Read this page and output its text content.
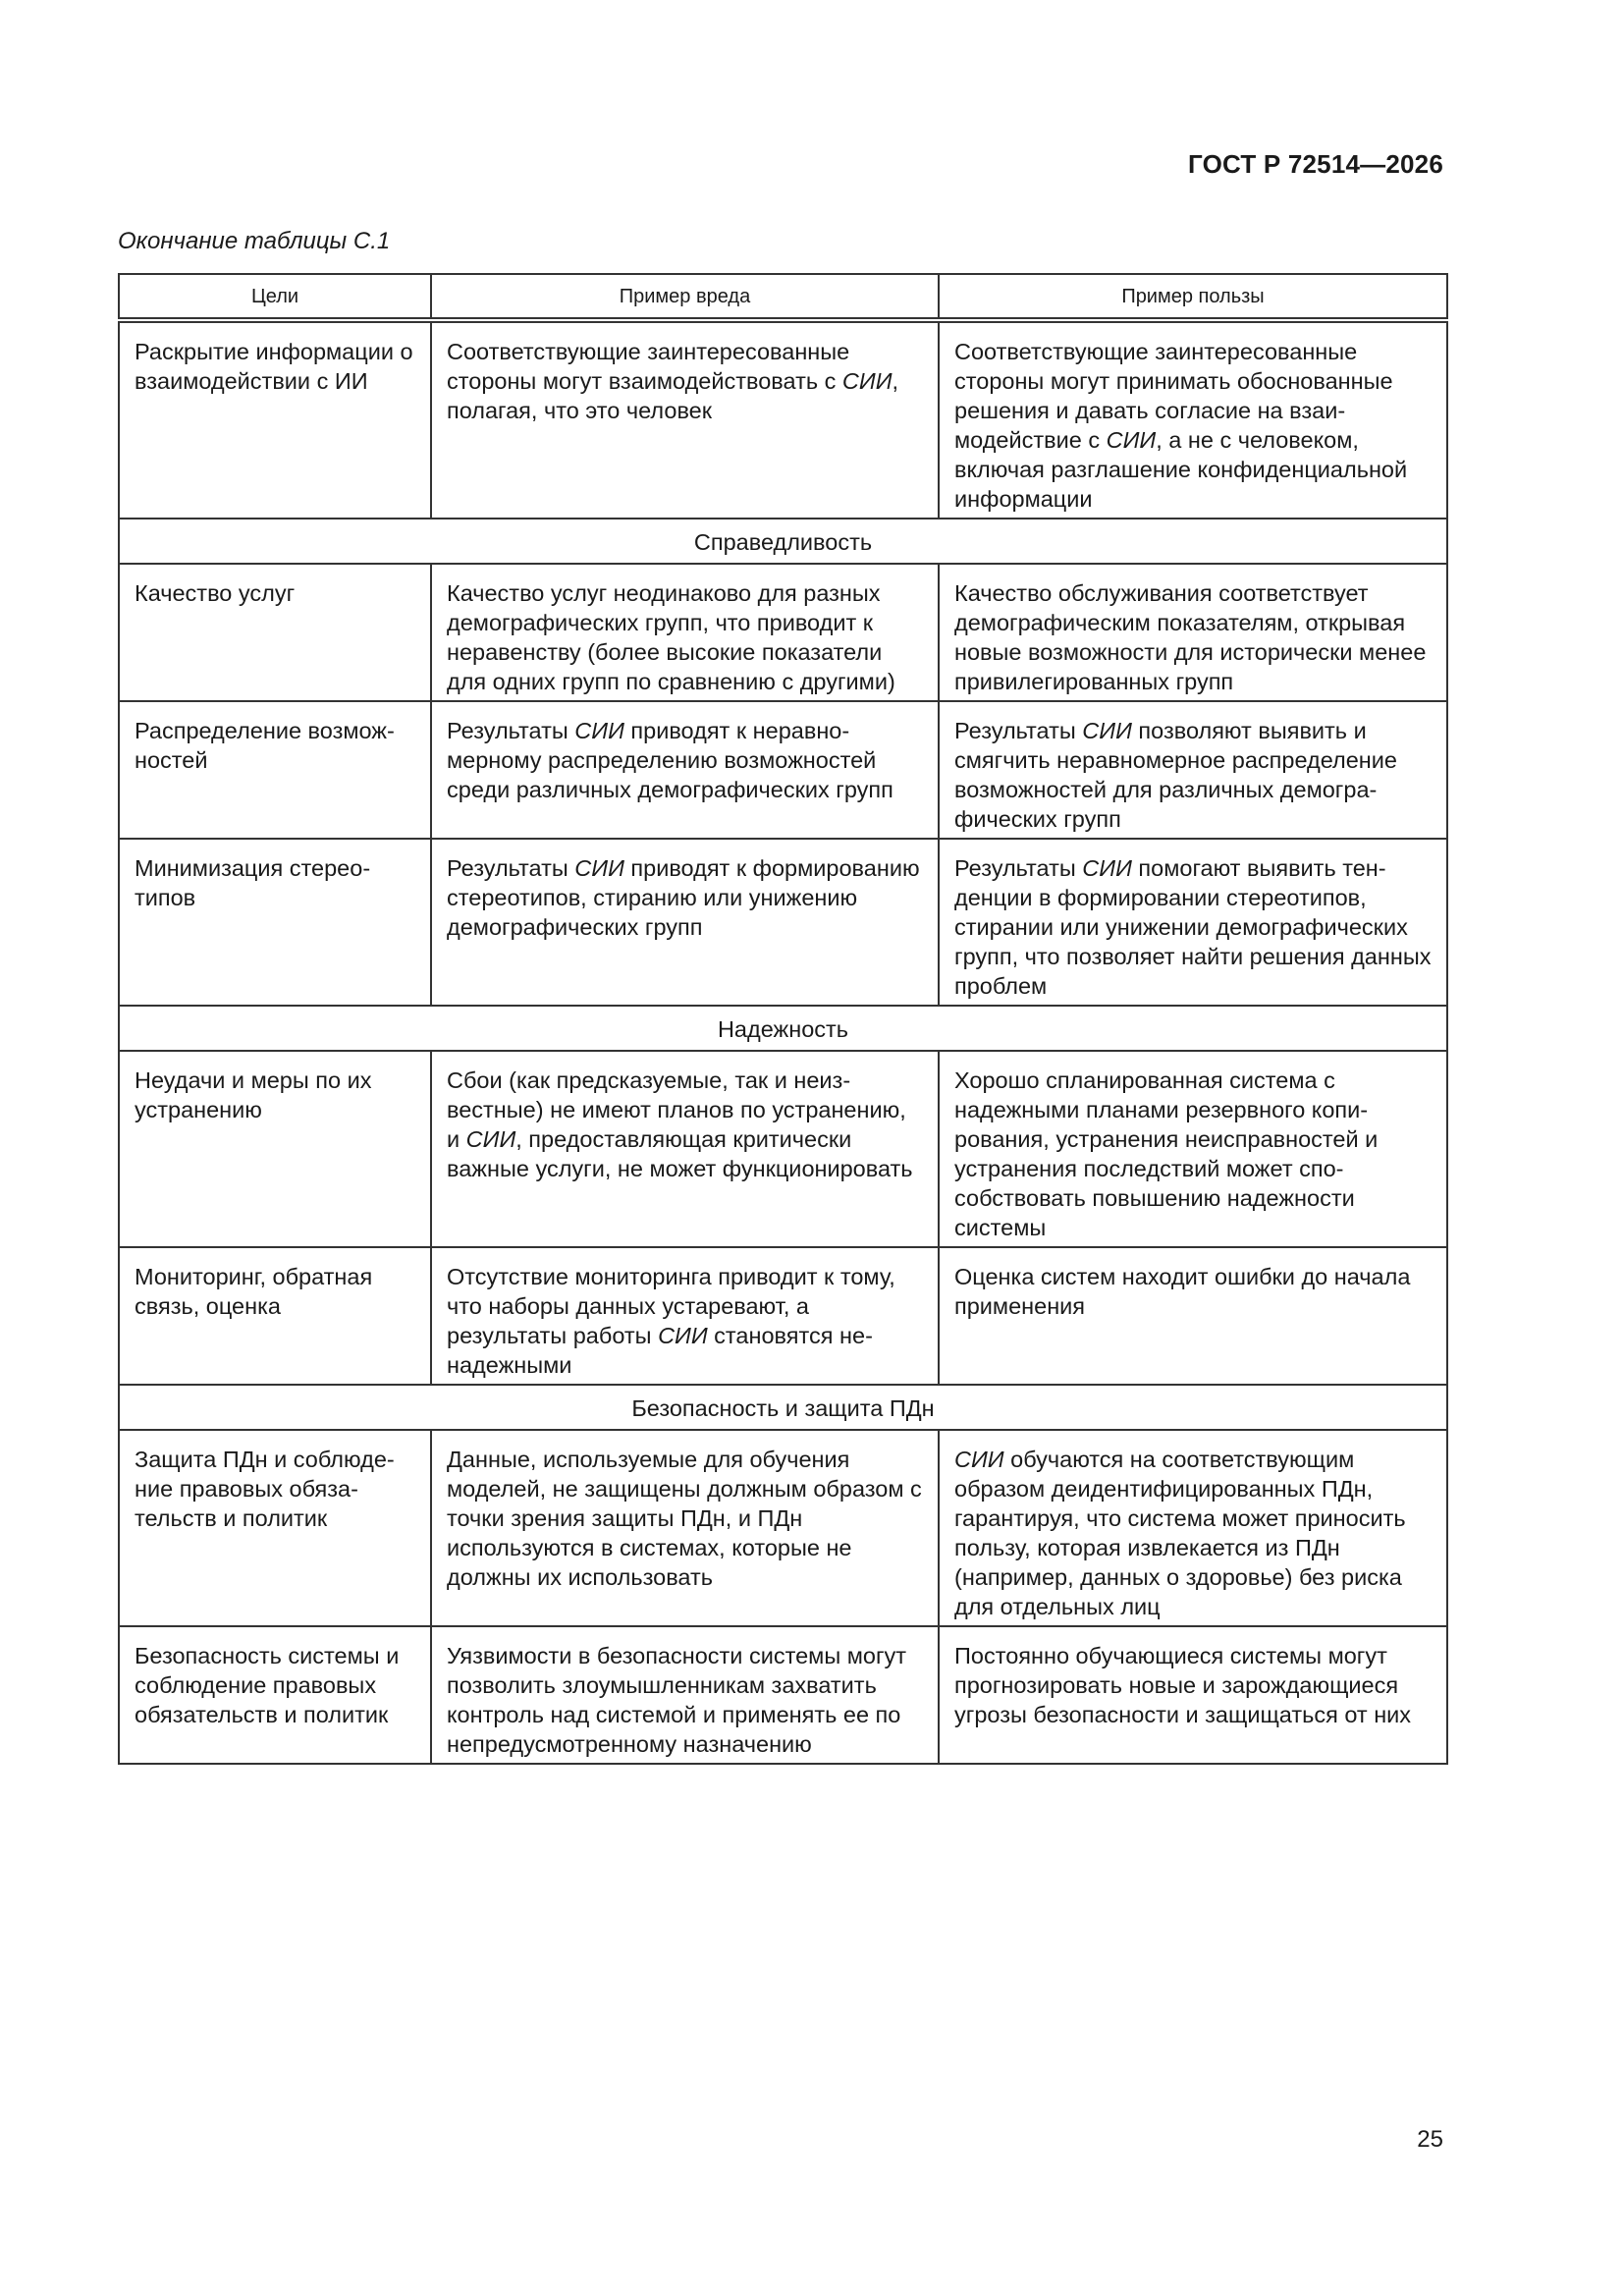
ГОСТ Р 72514—2026
Окончание таблицы С.1
Цели	Пример вреда	Пример пользы
Раскрытие информации о взаимодействии с ИИ	Соответствующие заинтересованные стороны могут взаимодействовать с СИИ, полагая, что это человек	Соответствующие заинтересованные стороны могут принимать обоснованные решения и давать согласие на взаимодействие с СИИ, а не с человеком, включая разглашение конфиденциальной информации
Справедливость		
Качество услуг	Качество услуг неодинаково для разных демографических групп, что приводит к неравенству (более высокие показатели для одних групп по сравнению с другими)	Качество обслуживания соответствует демографическим показателям, открывая новые возможности для исторически менее привилегированных групп
Распределение возможностей	Результаты СИИ приводят к неравномерному распределению возможностей среди различных демографических групп	Результаты СИИ позволяют выявить и смягчить неравномерное распределение возможностей для различных демографических групп
Минимизация стереотипов	Результаты СИИ приводят к формированию стереотипов, стиранию или унижению демографических групп	Результаты СИИ помогают выявить тенденции в формировании стереотипов, стирании или унижении демографических групп, что позволяет найти решения данных проблем
Надежность		
Неудачи и меры по их устранению	Сбои (как предсказуемые, так и неизвестные) не имеют планов по устранению, и СИИ, предоставляющая критически важные услуги, не может функционировать	Хорошо спланированная система с надежными планами резервного копирования, устранения неисправностей и устранения последствий может способствовать повышению надежности системы
Мониторинг, обратная связь, оценка	Отсутствие мониторинга приводит к тому, что наборы данных устаревают, а результаты работы СИИ становятся ненадежными	Оценка систем находит ошибки до начала применения
Безопасность и защита ПДн		
Защита ПДн и соблюдение правовых обязательств и политик	Данные, используемые для обучения моделей, не защищены должным образом с точки зрения защиты ПДн, и ПДн используются в системах, которые не должны их использовать	СИИ обучаются на соответствующим образом деидентифицированных ПДн, гарантируя, что система может приносить пользу, которая извлекается из ПДн (например, данных о здоровье) без риска для отдельных лиц
Безопасность системы и соблюдение правовых обязательств и политик	Уязвимости в безопасности системы могут позволить злоумышленникам захватить контроль над системой и применять ее по непредусмотренному назначению	Постоянно обучающиеся системы могут прогнозировать новые и зарождающиеся угрозы безопасности и защищаться от них
25
